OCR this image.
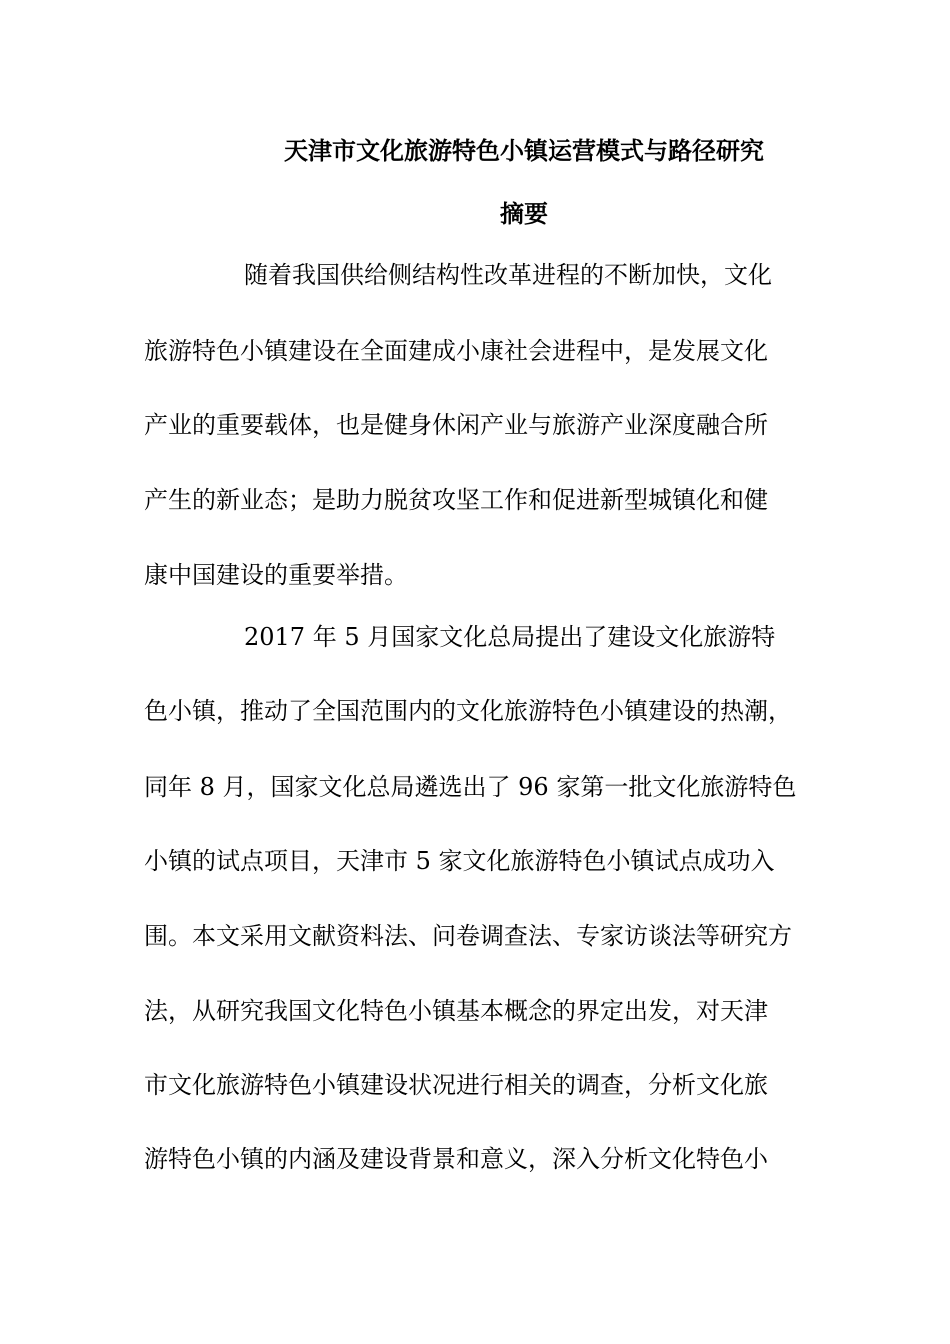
天津市文化旅游特色小镇运营模式与路径研究
摘要
随着我国供给侧结构性改革进程的不断加快，文化
旅游特色小镇建设在全面建成小康社会进程中，是发展文化
产业的重要载体，也是健身休闲产业与旅游产业深度融合所
产生的新业态；是助力脱贫攻坚工作和促进新型城镇化和健
康中国建设的重要举措。
2017 年 5 月国家文化总局提出了建设文化旅游特
色小镇，推动了全国范围内的文化旅游特色小镇建设的热潮，
同年 8 月，国家文化总局遴选出了 96 家第一批文化旅游特色
小镇的试点项目，天津市 5 家文化旅游特色小镇试点成功入
围。本文采用文献资料法、问卷调查法、专家访谈法等研究方
法，从研究我国文化特色小镇基本概念的界定出发，对天津
市文化旅游特色小镇建设状况进行相关的调查，分析文化旅
游特色小镇的内涵及建设背景和意义，深入分析文化特色小
